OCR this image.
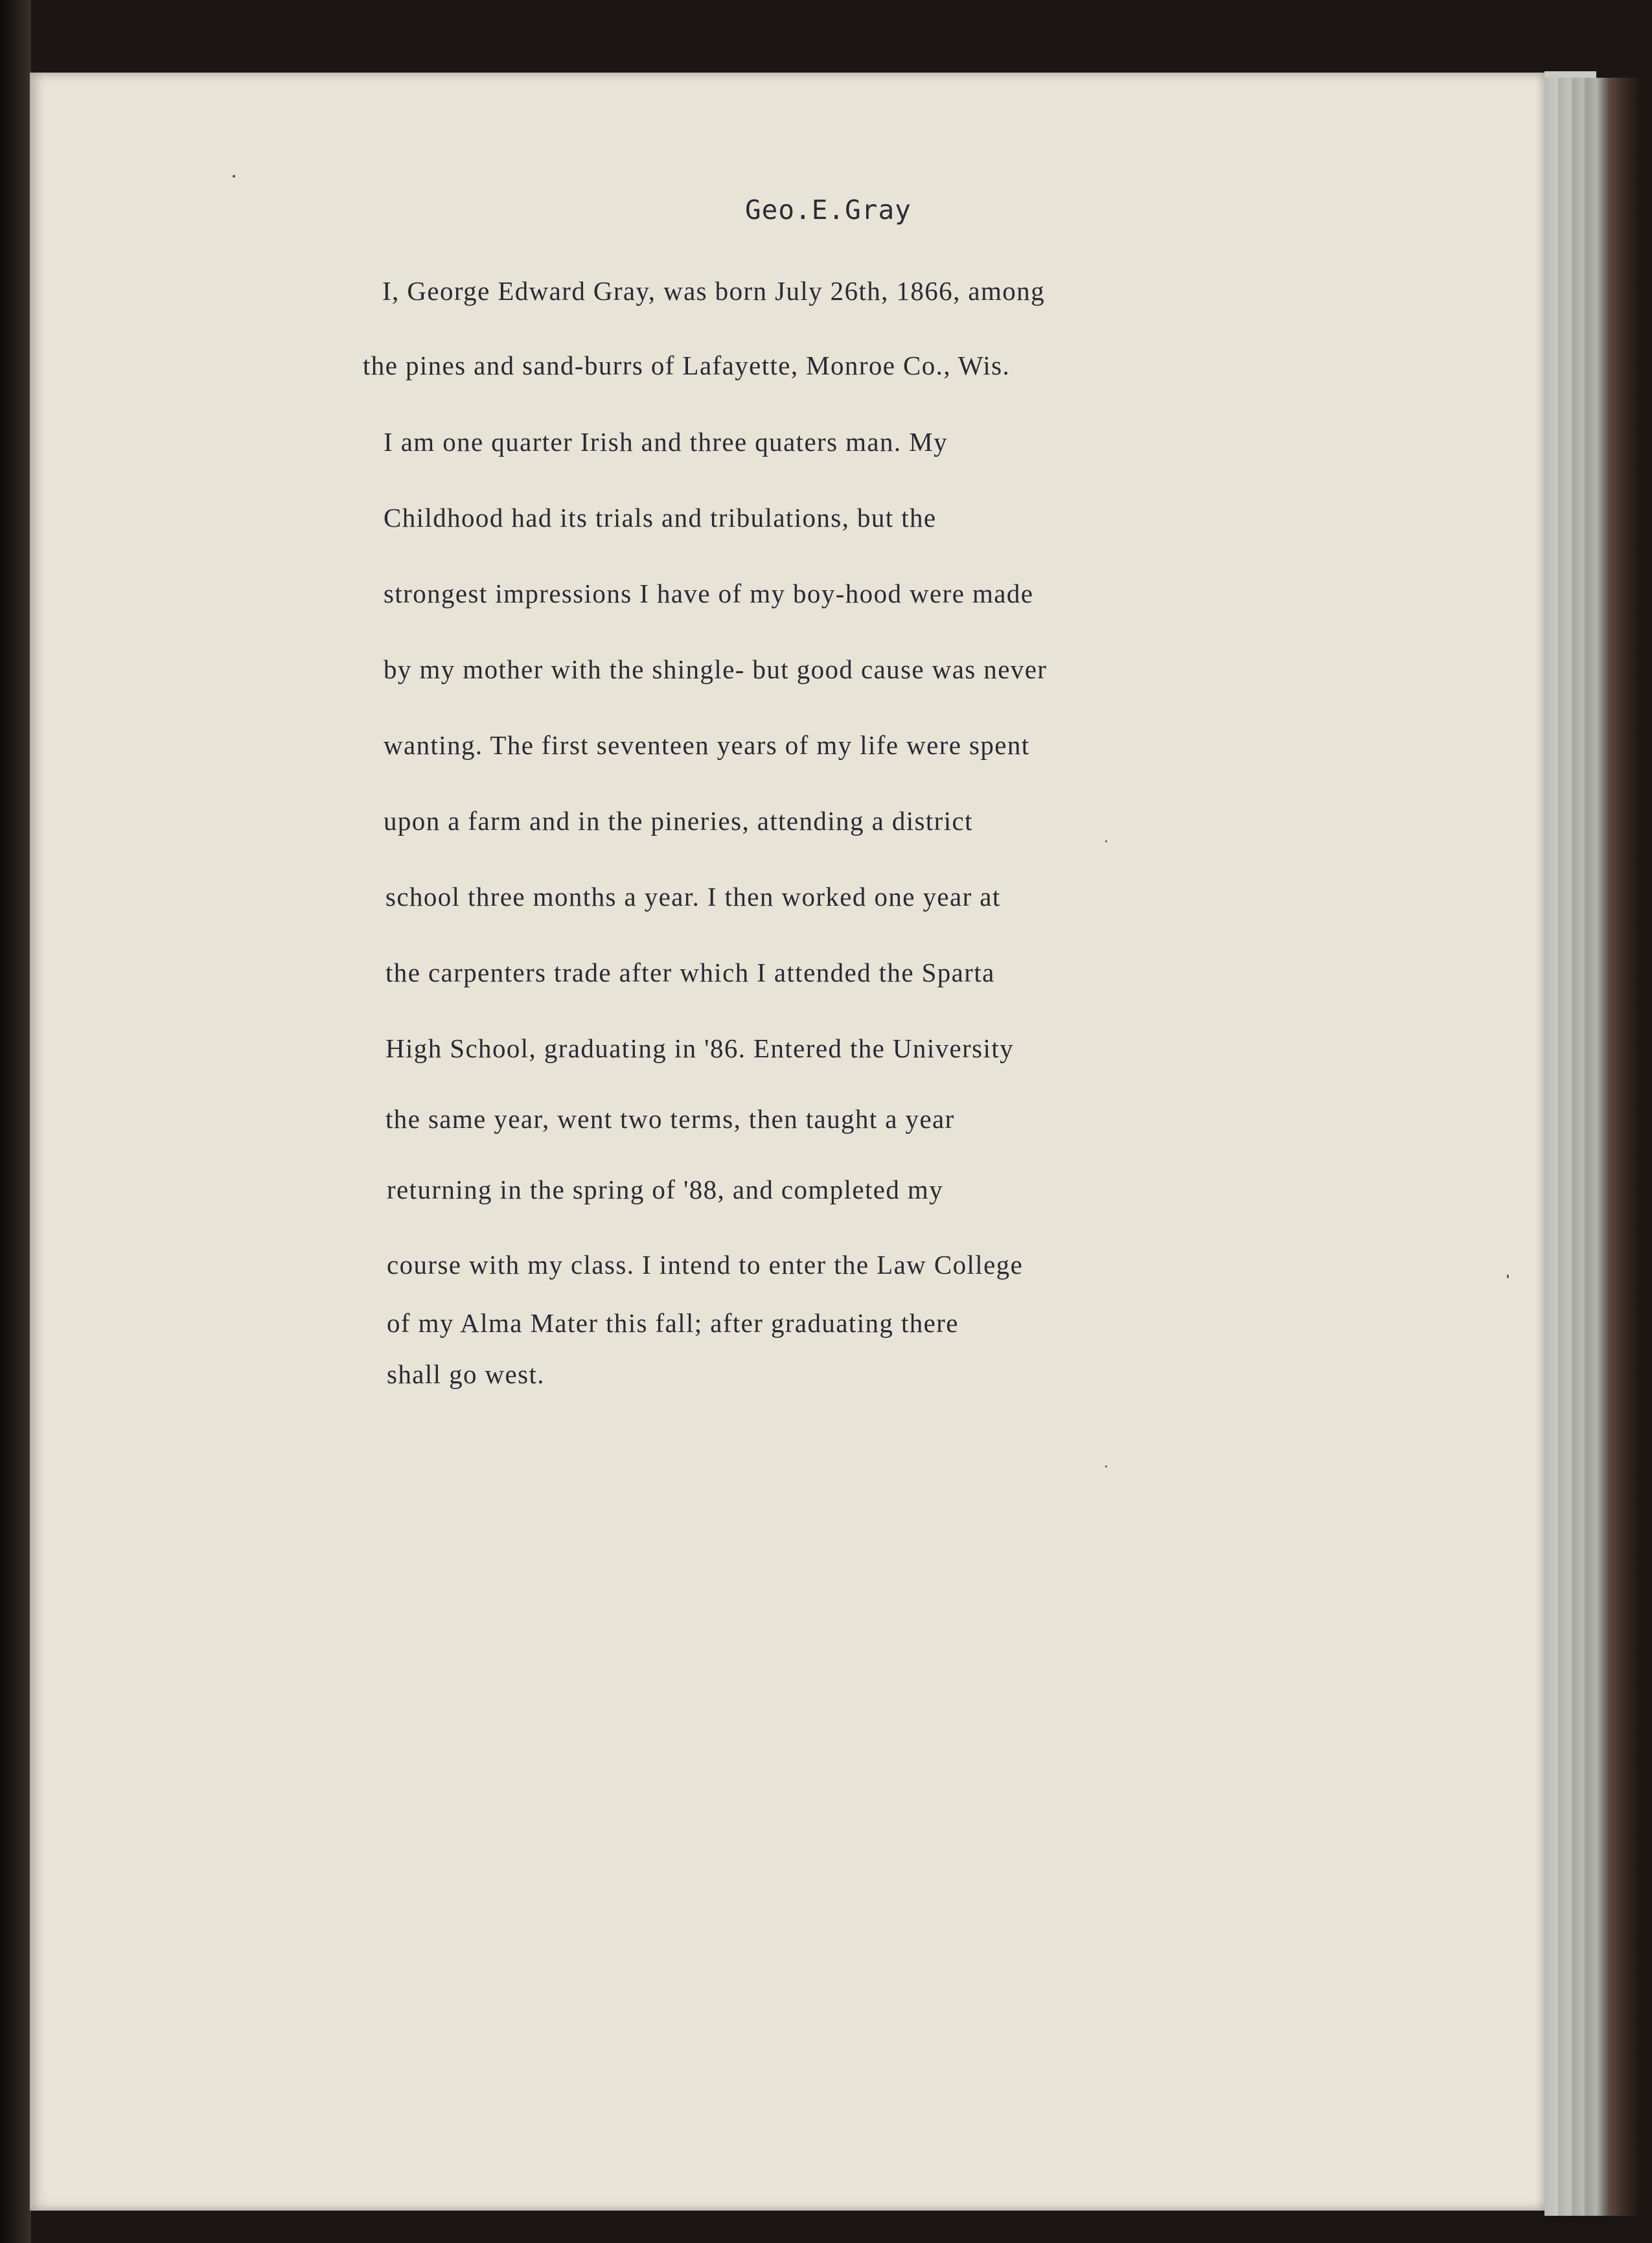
Geo.E.Gray
I, George Edward Gray, was born July 26th, 1866, among
the pines and sand-burrs of Lafayette, Monroe Co., Wis.
I am one quarter Irish and three quaters man. My
Childhood had its trials and tribulations, but the
strongest impressions I have of my boy-hood were made
by my mother with the shingle- but good cause was never
wanting. The first seventeen years of my life were spent
upon a farm and in the pineries, attending a district
school three months a year. I then worked one year at
the carpenters trade after which I attended the Sparta
High School, graduating in '86. Entered the University
the same year, went two terms, then taught a year
returning in the spring of '88, and completed my
course with my class. I intend to enter the Law College
of my Alma Mater this fall; after graduating there
shall go west.
